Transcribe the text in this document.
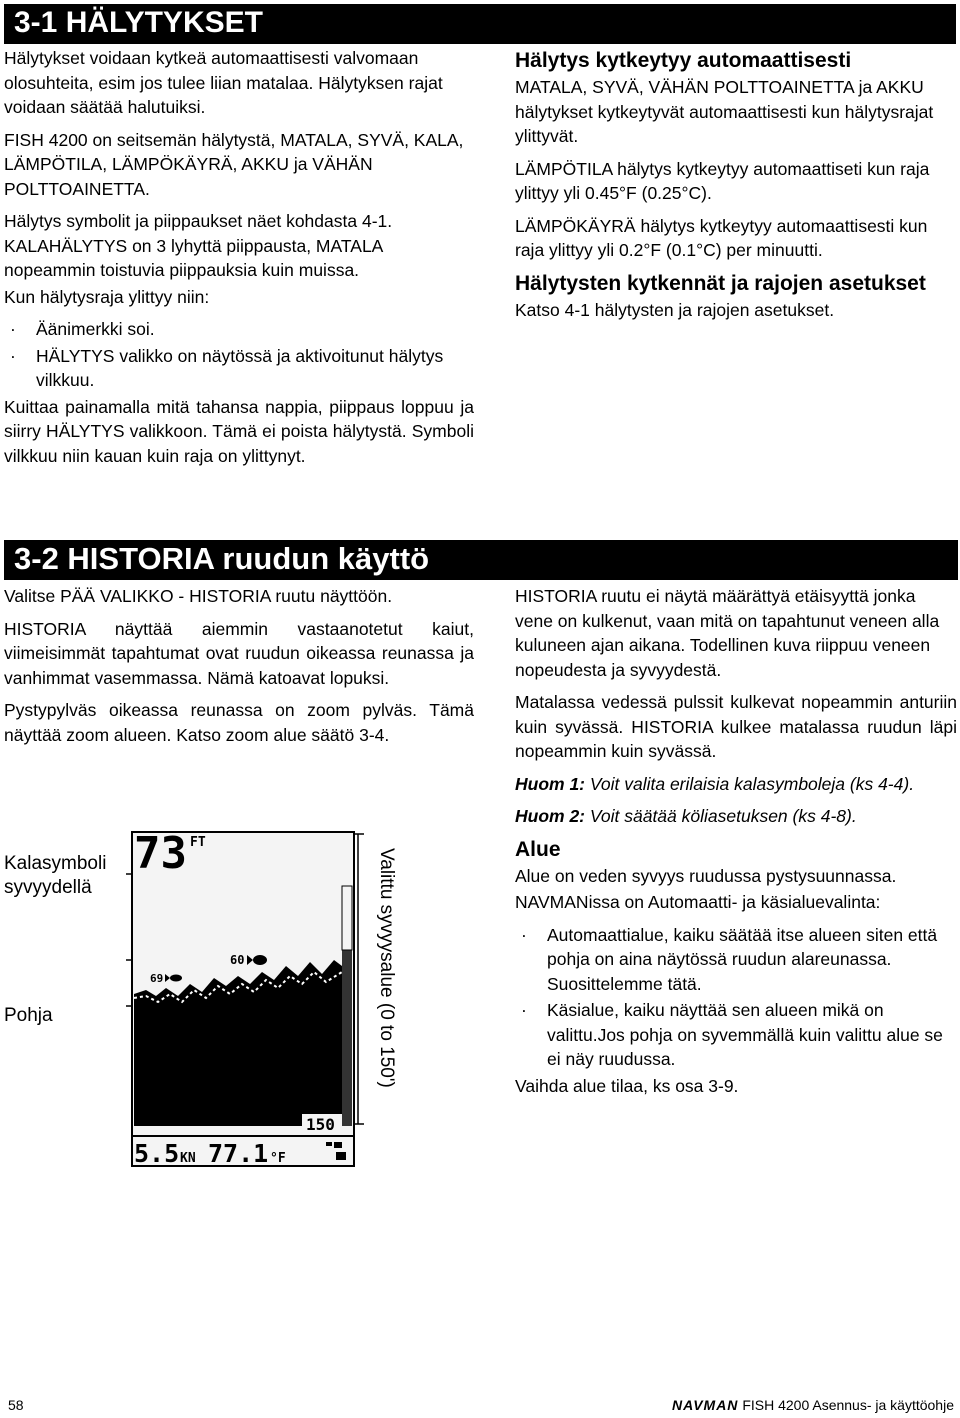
3-1 HÄLYTYKSET

Hälytykset voidaan kytkeä automaattisesti valvomaan olosuhteita, esim jos tulee liian matalaa. Hälytyksen rajat voidaan säätää halutuiksi.

FISH 4200 on seitsemän hälytystä, MATALA, SYVÄ, KALA, LÄMPÖTILA, LÄMPÖKÄYRÄ, AKKU ja VÄHÄN POLTTOAINETTA.

Hälytys symbolit ja piippaukset näet kohdasta 4-1. KALAHÄLYTYS on 3 lyhyttä piippausta, MATALA nopeammin toistuvia piippauksia kuin muissa.

Kun hälytysraja ylittyy niin:

·	Äänimerkki soi.
·	HÄLYTYS valikko on näytössä ja aktivoitunut hälytys vilkkuu.

Kuittaa painamalla mitä tahansa nappia, piippaus loppuu ja siirry HÄLYTYS valikkoon. Tämä ei poista hälytystä. Symboli vilkkuu niin kauan kuin raja on ylittynyt.

Hälytys kytkeytyy automaattisesti

MATALA, SYVÄ, VÄHÄN POLTTOAINETTA ja AKKU hälytykset kytkeytyvät automaattisesti kun hälytysrajat ylittyvät.

LÄMPÖTILA hälytys kytkeytyy automaattiseti kun raja ylittyy yli 0.45°F (0.25°C).

LÄMPÖKÄYRÄ hälytys kytkeytyy automaattisesti kun raja ylittyy yli 0.2°F (0.1°C) per minuutti.

Hälytysten kytkennät ja rajojen asetukset

Katso 4-1 hälytysten ja rajojen asetukset.

3-2 HISTORIA ruudun käyttö

Valitse PÄÄ VALIKKO - HISTORIA ruutu näyttöön.

HISTORIA näyttää aiemmin vastaanotetut kaiut, viimeisimmät tapahtumat ovat ruudun oikeassa reunassa ja vanhimmat vasemmassa. Nämä katoavat lopuksi.

Pystypylväs oikeassa reunassa on zoom pylväs. Tämä näyttää zoom alueen. Katso zoom alue säätö 3-4.

HISTORIA ruutu ei näytä määrättyä etäisyyttä jonka vene on kulkenut, vaan mitä on tapahtunut veneen alla kuluneen ajan aikana. Todellinen kuva riippuu veneen nopeudesta ja syvyydestä.

Matalassa vedessä pulssit kulkevat nopeammin anturiin kuin syvässä. HISTORIA kulkee matalassa ruudun läpi nopeammin kuin syvässä.

Huom 1: Voit valita erilaisia kalasymboleja (ks 4-4).

Huom 2: Voit säätää köliasetuksen (ks 4-8).

Alue

Alue on veden syvyys ruudussa pystysuunnassa.

NAVMANissa on Automaatti- ja käsialuevalinta:

·	Automaattialue, kaiku säätää itse alueen siten että pohja on aina näytössä ruudun alareunassa. Suosittelemme tätä.
·	Käsialue, kaiku näyttää sen alueen mikä on valittu.Jos pohja on syvemmällä kuin valittu alue se ei näy ruudussa.

Vaihda alue tilaa, ks osa 3-9.

Kalasymboli syvyydellä
Pohja	Valittu syvyysalue (0 to 150')
69
60
73 FT
150
5.5 KN 77.1 °F
58	NAVMAN FISH 4200 Asennus- ja käyttöohje
